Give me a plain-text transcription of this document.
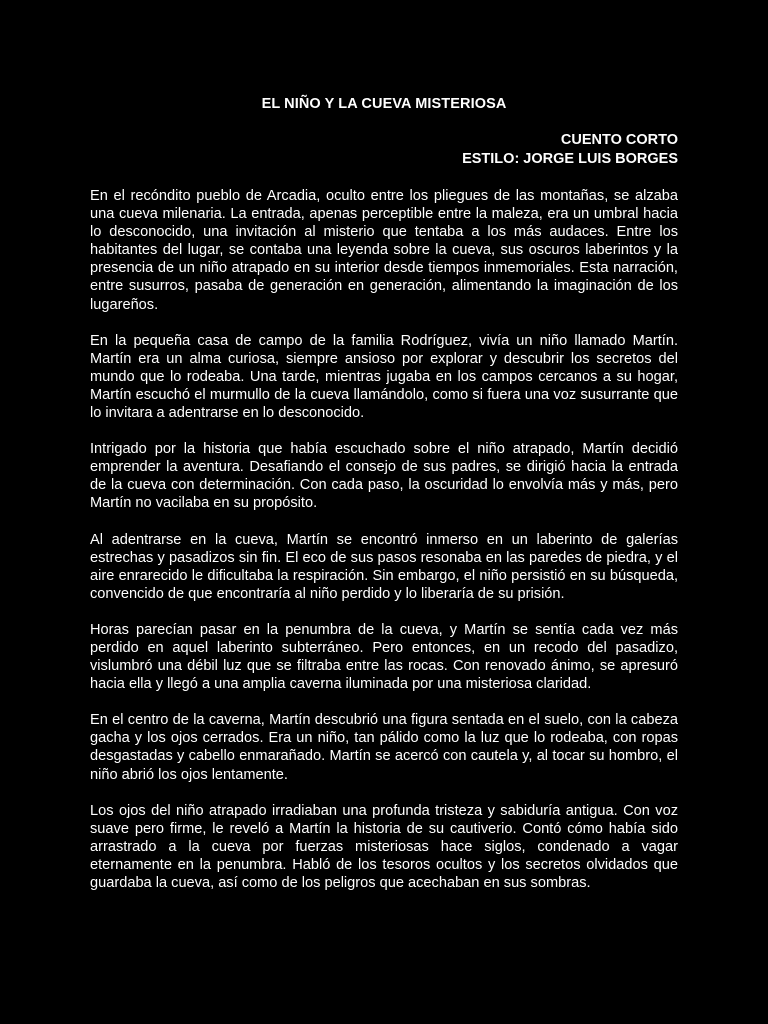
EL NIÑO Y LA CUEVA MISTERIOSA
CUENTO CORTO
ESTILO: JORGE LUIS BORGES

En el recóndito pueblo de Arcadia, oculto entre los pliegues de las montañas, se alzaba una cueva milenaria. La entrada, apenas perceptible entre la maleza, era un umbral hacia lo desconocido, una invitación al misterio que tentaba a los más audaces. Entre los habitantes del lugar, se contaba una leyenda sobre la cueva, sus oscuros laberintos y la presencia de un niño atrapado en su interior desde tiempos inmemoriales. Esta narración, entre susurros, pasaba de generación en generación, alimentando la imaginación de los lugareños.

En la pequeña casa de campo de la familia Rodríguez, vivía un niño llamado Martín. Martín era un alma curiosa, siempre ansioso por explorar y descubrir los secretos del mundo que lo rodeaba. Una tarde, mientras jugaba en los campos cercanos a su hogar, Martín escuchó el murmullo de la cueva llamándolo, como si fuera una voz susurrante que lo invitara a adentrarse en lo desconocido.

Intrigado por la historia que había escuchado sobre el niño atrapado, Martín decidió emprender la aventura. Desafiando el consejo de sus padres, se dirigió hacia la entrada de la cueva con determinación. Con cada paso, la oscuridad lo envolvía más y más, pero Martín no vacilaba en su propósito.

Al adentrarse en la cueva, Martín se encontró inmerso en un laberinto de galerías estrechas y pasadizos sin fin. El eco de sus pasos resonaba en las paredes de piedra, y el aire enrarecido le dificultaba la respiración. Sin embargo, el niño persistió en su búsqueda, convencido de que encontraría al niño perdido y lo liberaría de su prisión.

Horas parecían pasar en la penumbra de la cueva, y Martín se sentía cada vez más perdido en aquel laberinto subterráneo. Pero entonces, en un recodo del pasadizo, vislumbró una débil luz que se filtraba entre las rocas. Con renovado ánimo, se apresuró hacia ella y llegó a una amplia caverna iluminada por una misteriosa claridad.

En el centro de la caverna, Martín descubrió una figura sentada en el suelo, con la cabeza gacha y los ojos cerrados. Era un niño, tan pálido como la luz que lo rodeaba, con ropas desgastadas y cabello enmarañado. Martín se acercó con cautela y, al tocar su hombro, el niño abrió los ojos lentamente.

Los ojos del niño atrapado irradiaban una profunda tristeza y sabiduría antigua. Con voz suave pero firme, le reveló a Martín la historia de su cautiverio. Contó cómo había sido arrastrado a la cueva por fuerzas misteriosas hace siglos, condenado a vagar eternamente en la penumbra. Habló de los tesoros ocultos y los secretos olvidados que guardaba la cueva, así como de los peligros que acechaban en sus sombras.
